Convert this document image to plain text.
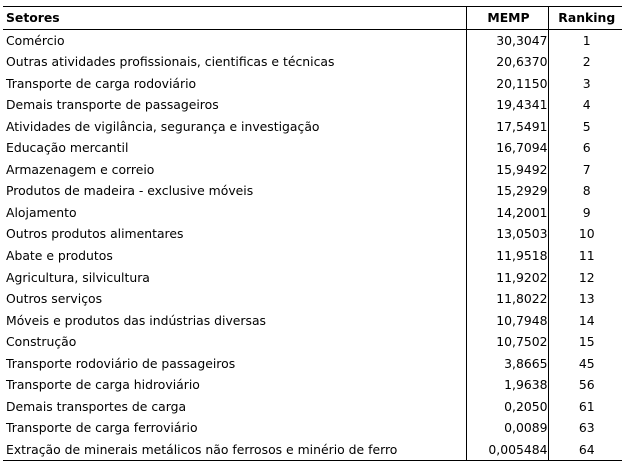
Setores	MEMP	Ranking
Comércio	30,3047	1
Outras atividades profissionais, cientificas e técnicas	20,6370	2
Transporte de carga rodoviário	20,1150	3
Demais transporte de passageiros	19,4341	4
Atividades de vigilância, segurança e investigação	17,5491	5
Educação mercantil	16,7094	6
Armazenagem e correio	15,9492	7
Produtos de madeira - exclusive móveis	15,2929	8
Alojamento	14,2001	9
Outros produtos alimentares	13,0503	10
Abate e produtos	11,9518	11
Agricultura, silvicultura	11,9202	12
Outros serviços	11,8022	13
Móveis e produtos das indústrias diversas	10,7948	14
Construção	10,7502	15
Transporte rodoviário de passageiros	3,8665	45
Transporte de carga hidroviário	1,9638	56
Demais transportes de carga	0,2050	61
Transporte de carga ferroviário	0,0089	63
Extração de minerais metálicos não ferrosos e minério de ferro	0,005484	64
